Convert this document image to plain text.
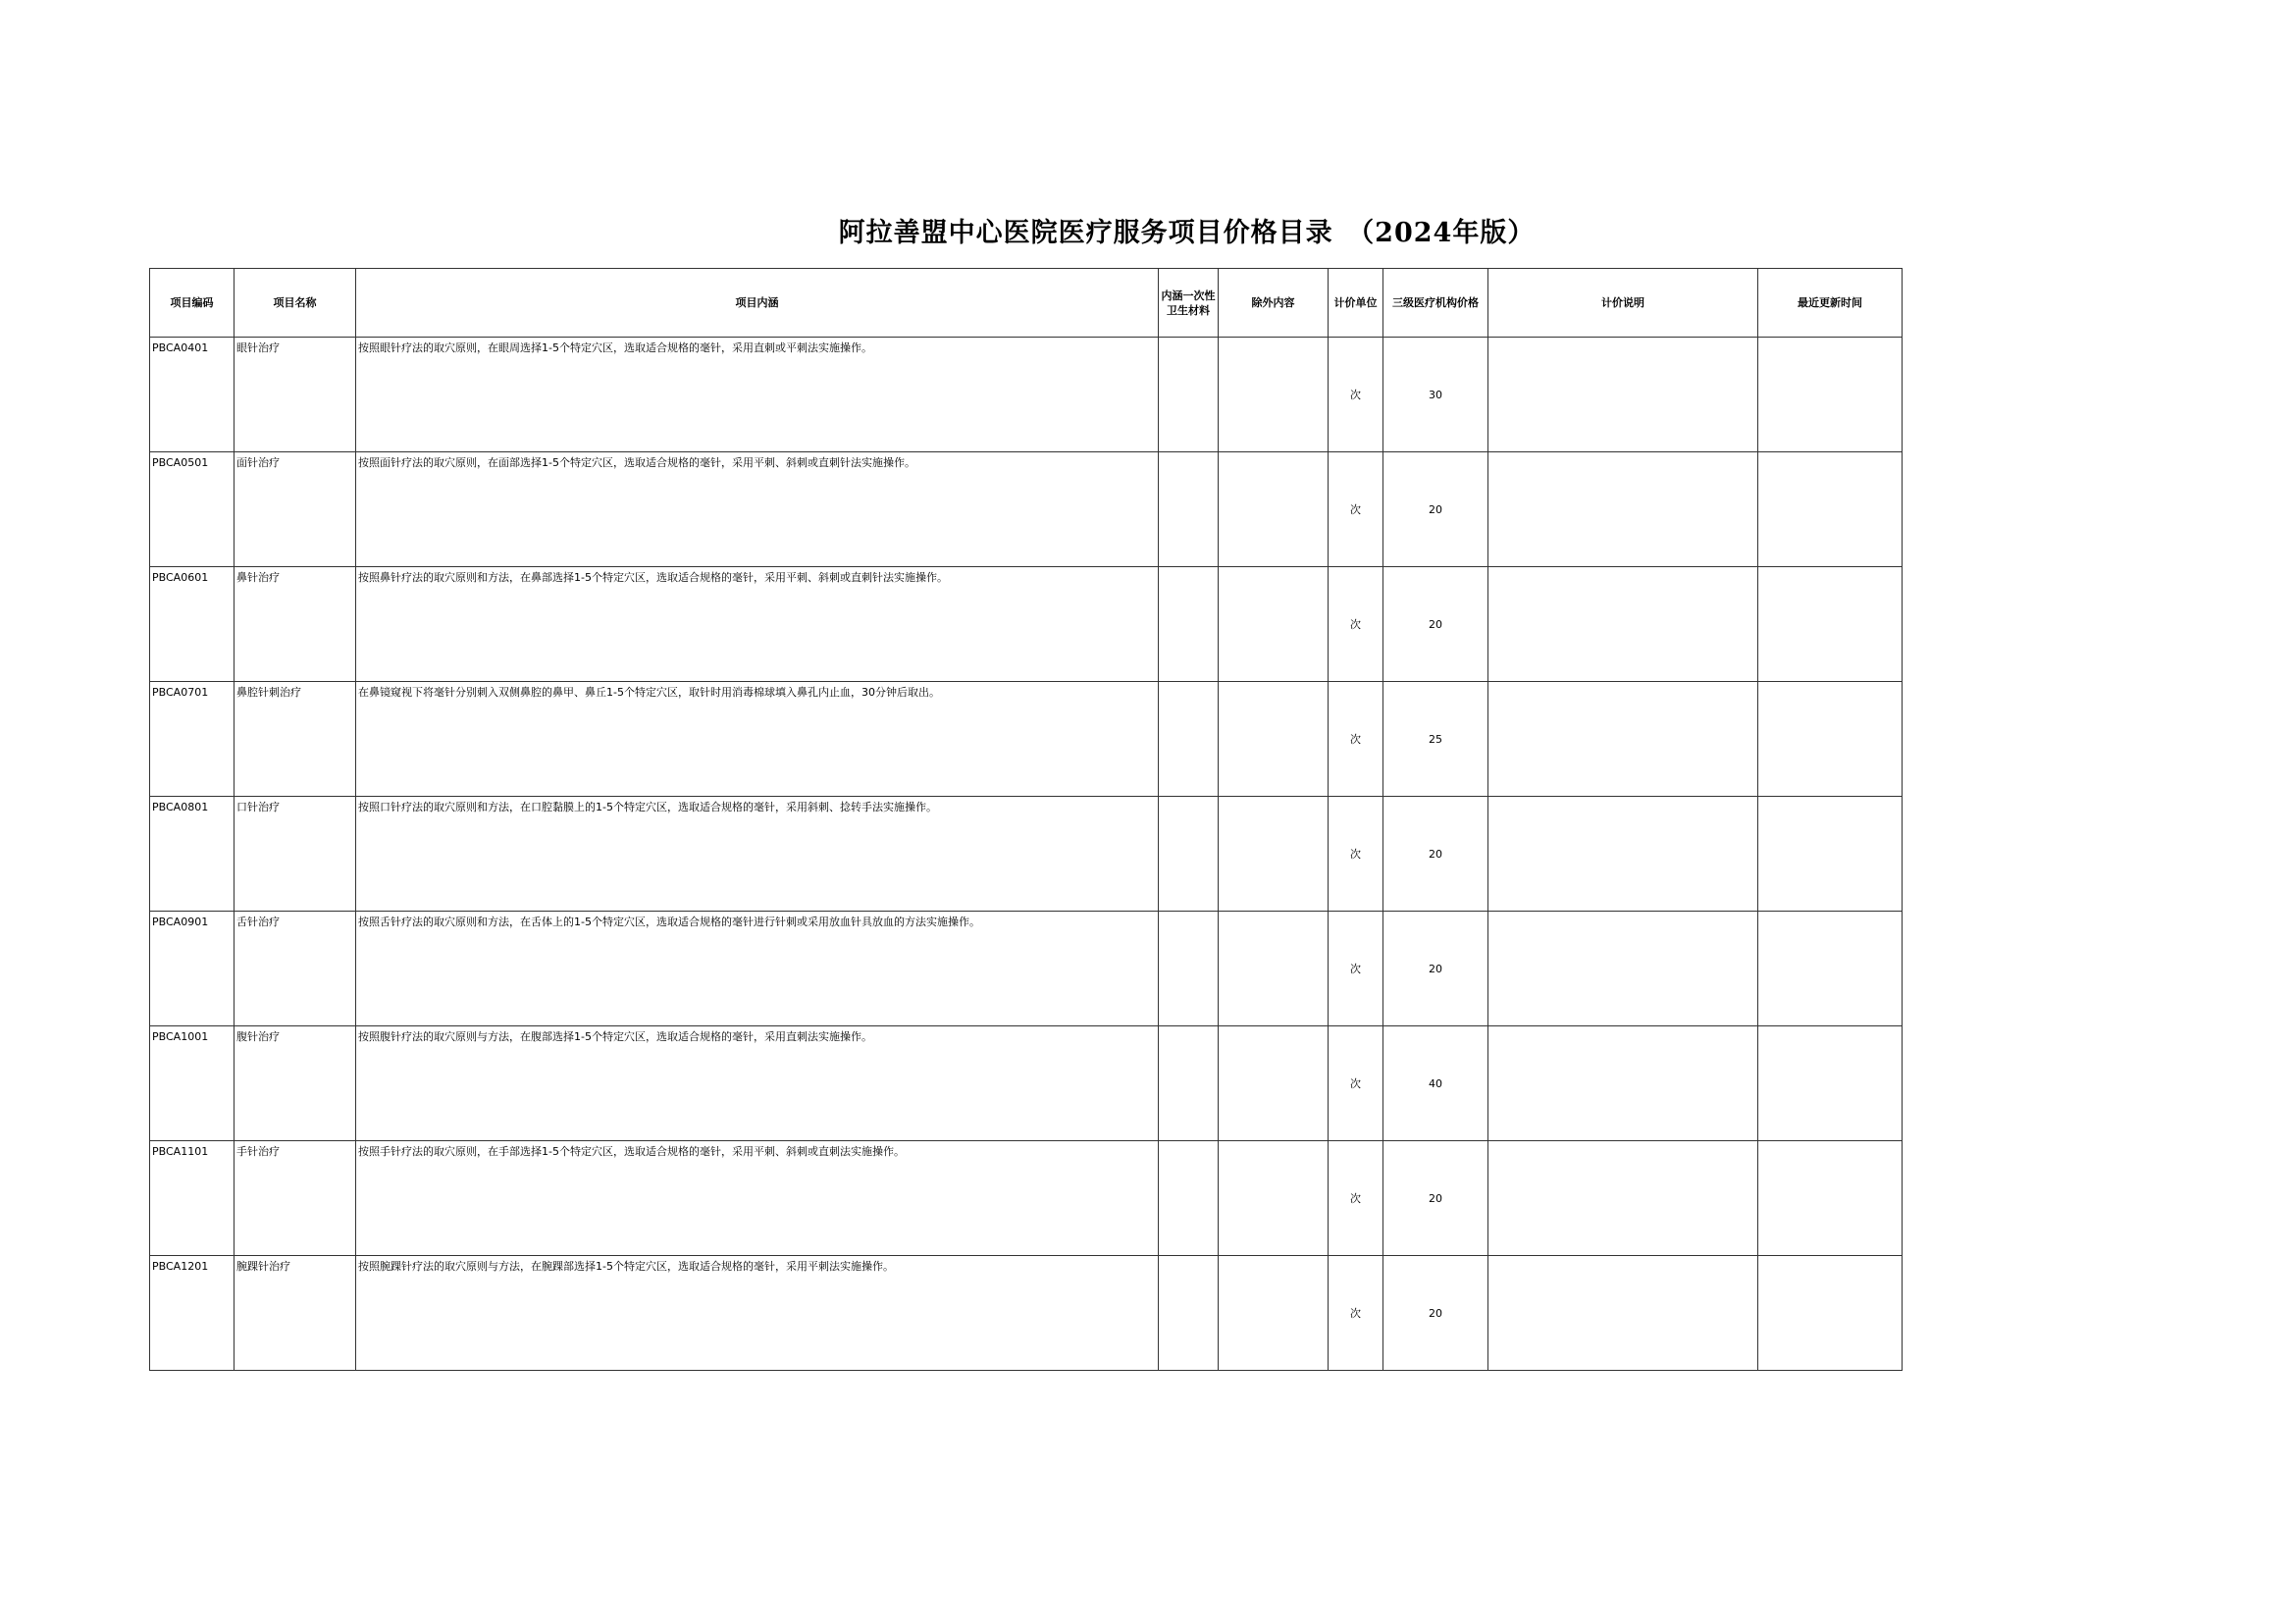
阿拉善盟中心医院医疗服务项目价格目录　（2024年版）
项目编码	项目名称	项目内涵	内涵一次性卫生材料	除外内容	计价单位	三级医疗机构价格	计价说明	最近更新时间
PBCA0401	眼针治疗	按照眼针疗法的取穴原则，在眼周选择1-5个特定穴区，选取适合规格的毫针，采用直刺或平刺法实施操作。			次	30		
PBCA0501	面针治疗	按照面针疗法的取穴原则，在面部选择1-5个特定穴区，选取适合规格的毫针，采用平刺、斜刺或直刺针法实施操作。			次	20		
PBCA0601	鼻针治疗	按照鼻针疗法的取穴原则和方法，在鼻部选择1-5个特定穴区，选取适合规格的毫针，采用平刺、斜刺或直刺针法实施操作。			次	20		
PBCA0701	鼻腔针刺治疗	在鼻镜窥视下将毫针分别刺入双侧鼻腔的鼻甲、鼻丘1-5个特定穴区，取针时用消毒棉球填入鼻孔内止血，30分钟后取出。			次	25		
PBCA0801	口针治疗	按照口针疗法的取穴原则和方法，在口腔黏膜上的1-5个特定穴区，选取适合规格的毫针，采用斜刺、捻转手法实施操作。			次	20		
PBCA0901	舌针治疗	按照舌针疗法的取穴原则和方法，在舌体上的1-5个特定穴区，选取适合规格的毫针进行针刺或采用放血针具放血的方法实施操作。			次	20		
PBCA1001	腹针治疗	按照腹针疗法的取穴原则与方法，在腹部选择1-5个特定穴区，选取适合规格的毫针，采用直刺法实施操作。			次	40		
PBCA1101	手针治疗	按照手针疗法的取穴原则，在手部选择1-5个特定穴区，选取适合规格的毫针，采用平刺、斜刺或直刺法实施操作。			次	20		
PBCA1201	腕踝针治疗	按照腕踝针疗法的取穴原则与方法，在腕踝部选择1-5个特定穴区，选取适合规格的毫针，采用平刺法实施操作。			次	20		
